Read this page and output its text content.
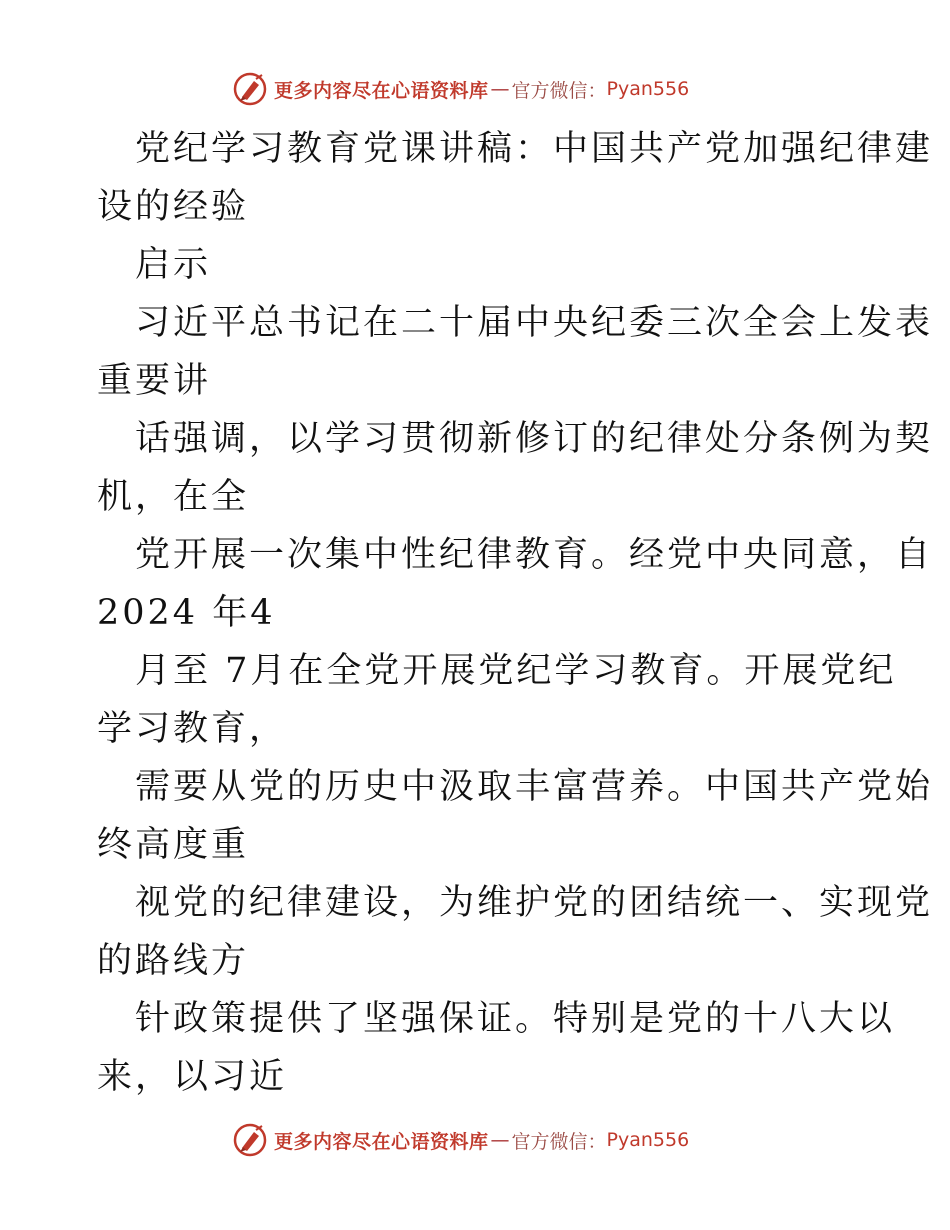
更多内容尽在心语资料库 — 官方微信： Pyan556
党纪学习教育党课讲稿：中国共产党加强纪律建
设的经验
启示
习近平总书记在二十届中央纪委三次全会上发表
重要讲
话强调，以学习贯彻新修订的纪律处分条例为契
机，在全
党开展一次集中性纪律教育。经党中央同意，自
2024 年4
月至 7月在全党开展党纪学习教育。开展党纪
学习教育，
需要从党的历史中汲取丰富营养。中国共产党始
终高度重
视党的纪律建设，为维护党的团结统一、实现党
的路线方
针政策提供了坚强保证。特别是党的十八大以
来，以习近
更多内容尽在心语资料库 — 官方微信： Pyan556
